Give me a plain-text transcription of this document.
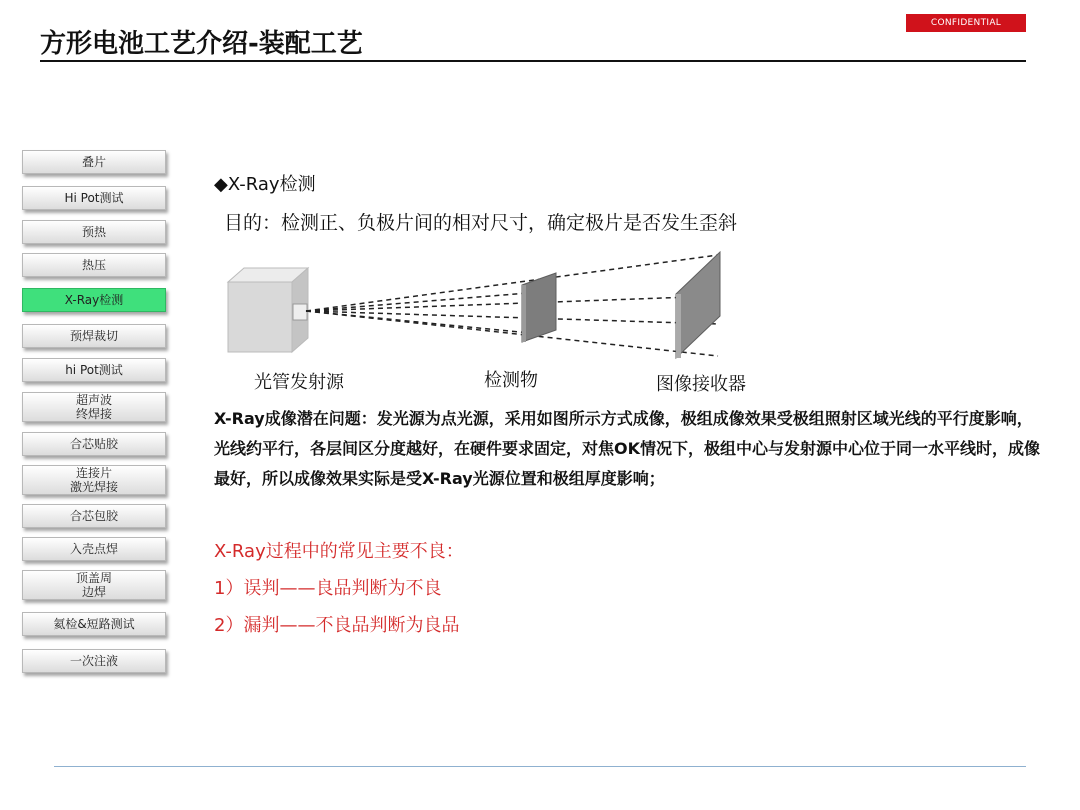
CONFIDENTIAL
方形电池工艺介绍-装配工艺
叠片
Hi Pot测试
预热
热压
X-Ray检测
预焊裁切
hi Pot测试
超声波
终焊接
合芯贴胶
连接片
激光焊接
合芯包胶
入壳点焊
顶盖周
边焊
氦检&短路测试
一次注液
◆X-Ray检测
目的：检测正、负极片间的相对尺寸，确定极片是否发生歪斜
光管发射源	检测物	图像接收器

X-Ray成像潜在问题：发光源为点光源，采用如图所示方式成像，极组成像效果受极组照射区域光线的平行度影响，光线约平行，各层间区分度越好，在硬件要求固定，对焦OK情况下，极组中心与发射源中心位于同一水平线时，成像最好，所以成像效果实际是受X-Ray光源位置和极组厚度影响；

X-Ray过程中的常见主要不良：
1）误判——良品判断为不良
2）漏判——不良品判断为良品
